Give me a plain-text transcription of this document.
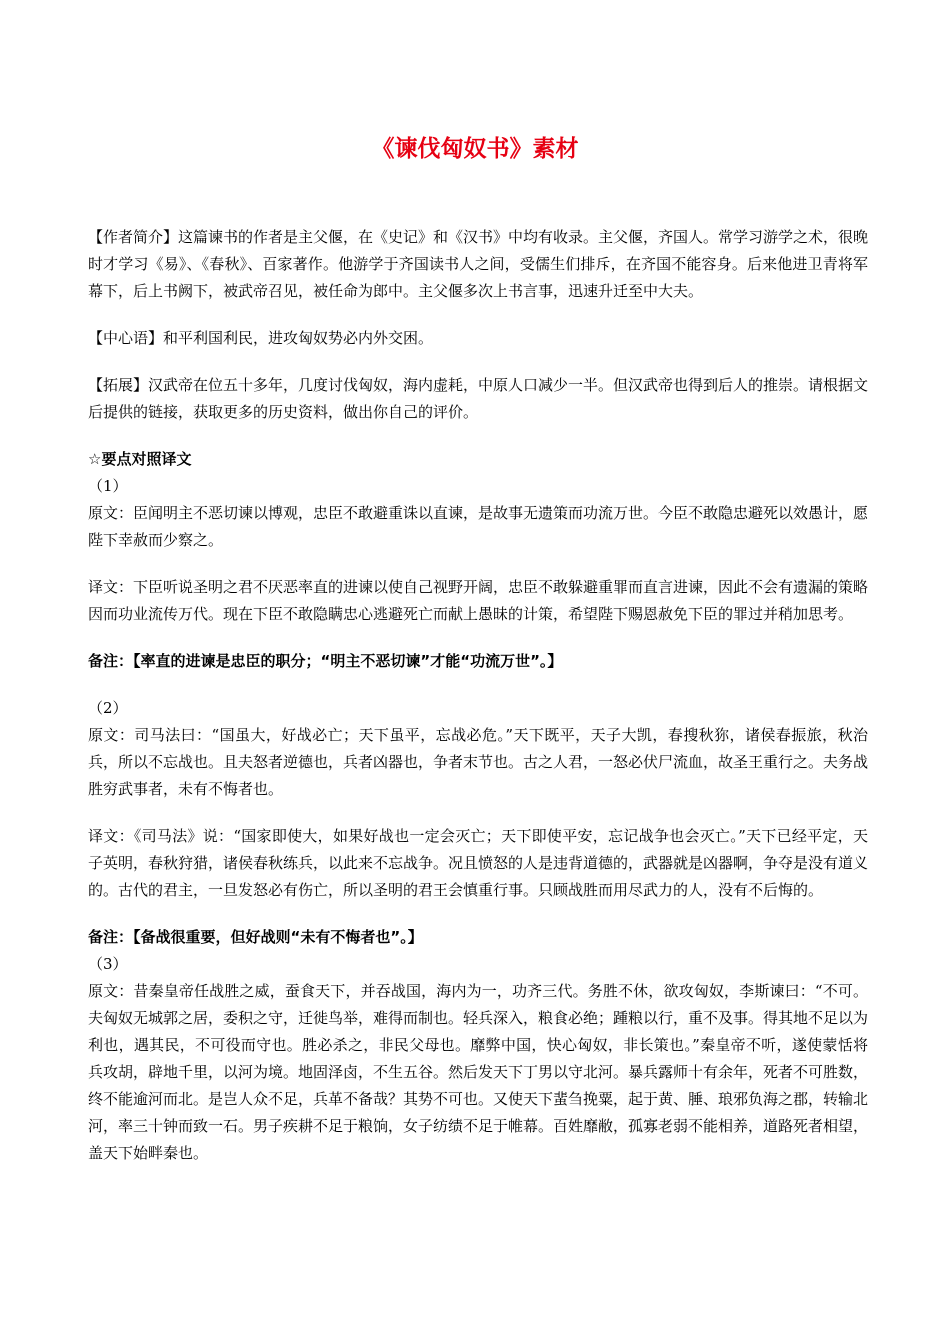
《谏伐匈奴书》素材

【作者简介】这篇谏书的作者是主父偃，在《史记》和《汉书》中均有收录。主父偃，齐国人。常学习游学之术，很晚时才学习《易》、《春秋》、百家著作。他游学于齐国读书人之间，受儒生们排斥，在齐国不能容身。后来他进卫青将军幕下，后上书阙下，被武帝召见，被任命为郎中。主父偃多次上书言事，迅速升迁至中大夫。

【中心语】和平利国利民，进攻匈奴势必内外交困。

【拓展】汉武帝在位五十多年，几度讨伐匈奴，海内虚耗，中原人口减少一半。但汉武帝也得到后人的推崇。请根据文后提供的链接，获取更多的历史资料，做出你自己的评价。

☆要点对照译文

（1）

原文：臣闻明主不恶切谏以博观，忠臣不敢避重诛以直谏，是故事无遗策而功流万世。今臣不敢隐忠避死以效愚计，愿陛下幸赦而少察之。

译文：下臣听说圣明之君不厌恶率直的进谏以使自己视野开阔，忠臣不敢躲避重罪而直言进谏，因此不会有遗漏的策略因而功业流传万代。现在下臣不敢隐瞒忠心逃避死亡而献上愚昧的计策，希望陛下赐恩赦免下臣的罪过并稍加思考。

备注：【率直的进谏是忠臣的职分；“明主不恶切谏”才能“功流万世”。】

（2）

原文：司马法曰：“国虽大，好战必亡；天下虽平，忘战必危。”天下既平，天子大凯，春搜秋狝，诸侯春振旅，秋治兵，所以不忘战也。且夫怒者逆德也，兵者凶器也，争者末节也。古之人君，一怒必伏尸流血，故圣王重行之。夫务战胜穷武事者，未有不悔者也。

译文：《司马法》说：“国家即使大，如果好战也一定会灭亡；天下即使平安，忘记战争也会灭亡。”天下已经平定，天子英明，春秋狩猎，诸侯春秋练兵，以此来不忘战争。况且愤怒的人是违背道德的，武器就是凶器啊，争夺是没有道义的。古代的君主，一旦发怒必有伤亡，所以圣明的君王会慎重行事。只顾战胜而用尽武力的人，没有不后悔的。

备注：【备战很重要，但好战则“未有不悔者也”。】

（3）

原文：昔秦皇帝任战胜之威，蚕食天下，并吞战国，海内为一，功齐三代。务胜不休，欲攻匈奴，李斯谏曰：“不可。夫匈奴无城郭之居，委积之守，迁徙鸟举，难得而制也。轻兵深入，粮食必绝；踵粮以行，重不及事。得其地不足以为利也，遇其民，不可役而守也。胜必杀之，非民父母也。靡弊中国，快心匈奴，非长策也。”秦皇帝不听，遂使蒙恬将兵攻胡，辟地千里，以河为境。地固泽卤，不生五谷。然后发天下丁男以守北河。暴兵露师十有余年，死者不可胜数，终不能逾河而北。是岂人众不足，兵革不备哉？其势不可也。又使天下蜚刍挽粟，起于黄、腄、琅邪负海之郡，转输北河，率三十钟而致一石。男子疾耕不足于粮饷，女子纺绩不足于帷幕。百姓靡敝，孤寡老弱不能相养，道路死者相望，盖天下始畔秦也。
